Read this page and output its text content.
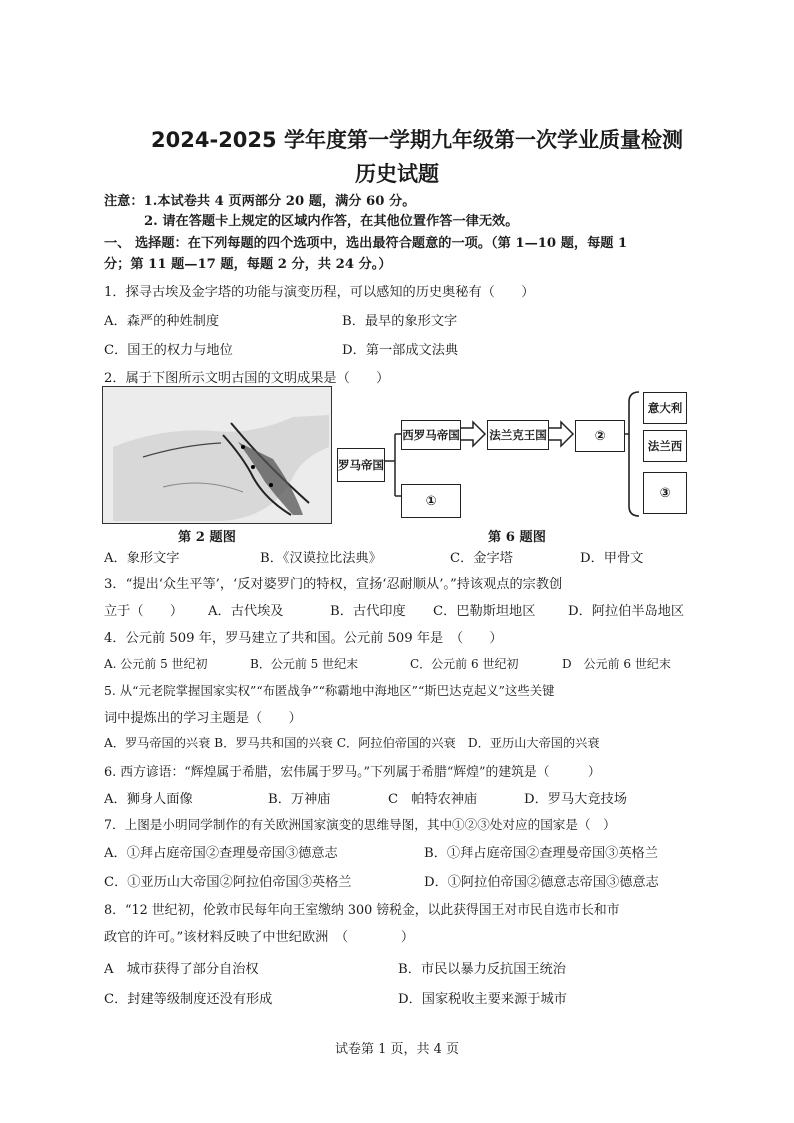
2024-2025 学年度第一学期九年级第一次学业质量检测
历史试题
注意：1.本试卷共 4 页两部分 20 题，满分 60 分。
2. 请在答题卡上规定的区域内作答，在其他位置作答一律无效。
一、 选择题：在下列每题的四个选项中，选出最符合题意的一项。（第 1—10 题，每题 1
分；第 11 题—17 题，每题 2 分，共 24 分。）
1．探寻古埃及金字塔的功能与演变历程，可以感知的历史奥秘有（　　）
A．森严的种姓制度	B．最早的象形文字
C．国王的权力与地位	D．第一部成文法典
2．属于下图所示文明古国的文明成果是（　　）
罗马帝国
西罗马帝国
①
法兰克王国	②
意大利
法兰西
③
第 2 题图	第 6 题图
A．象形文字	B．《汉谟拉比法典》	C．金字塔	D．甲骨文
3．“提出‘众生平等’，‘反对婆罗门的特权，宣扬‘忍耐顺从’。”持该观点的宗教创
立于（　　） A．古代埃及	B．古代印度 C．巴勒斯坦地区 D．阿拉伯半岛地区
4．公元前 509 年，罗马建立了共和国。公元前 509 年是　（　　）
A. 公元前 5 世纪初	B．公元前 5 世纪末	C．公元前 6 世纪初	D　公元前 6 世纪末
5. 从“元老院掌握国家实权”“布匿战争”“称霸地中海地区”“斯巴达克起义”这些关键
词中提炼出的学习主题是（　　）
A．罗马帝国的兴衰 B．罗马共和国的兴衰 C．阿拉伯帝国的兴衰　D．亚历山大帝国的兴衰
6. 西方谚语：“辉煌属于希腊，宏伟属于罗马。”下列属于希腊“辉煌”的建筑是（　　　）
A．狮身人面像	B．万神庙	C　帕特农神庙	D．罗马大竞技场
7．上图是小明同学制作的有关欧洲国家演变的思维导图，其中①②③处对应的国家是（　）
A．①拜占庭帝国②查理曼帝国③德意志	B．①拜占庭帝国②查理曼帝国③英格兰
C．①亚历山大帝国②阿拉伯帝国③英格兰	D．①阿拉伯帝国②德意志帝国③德意志
8．“12 世纪初，伦敦市民每年向王室缴纳 300 镑税金，以此获得国王对市民自选市长和市
政官的许可。”该材料反映了中世纪欧洲　（　　　　）
A　城市获得了部分自治权	B．市民以暴力反抗国王统治
C．封建等级制度还没有形成	D．国家税收主要来源于城市
试卷第 1 页，共 4 页
